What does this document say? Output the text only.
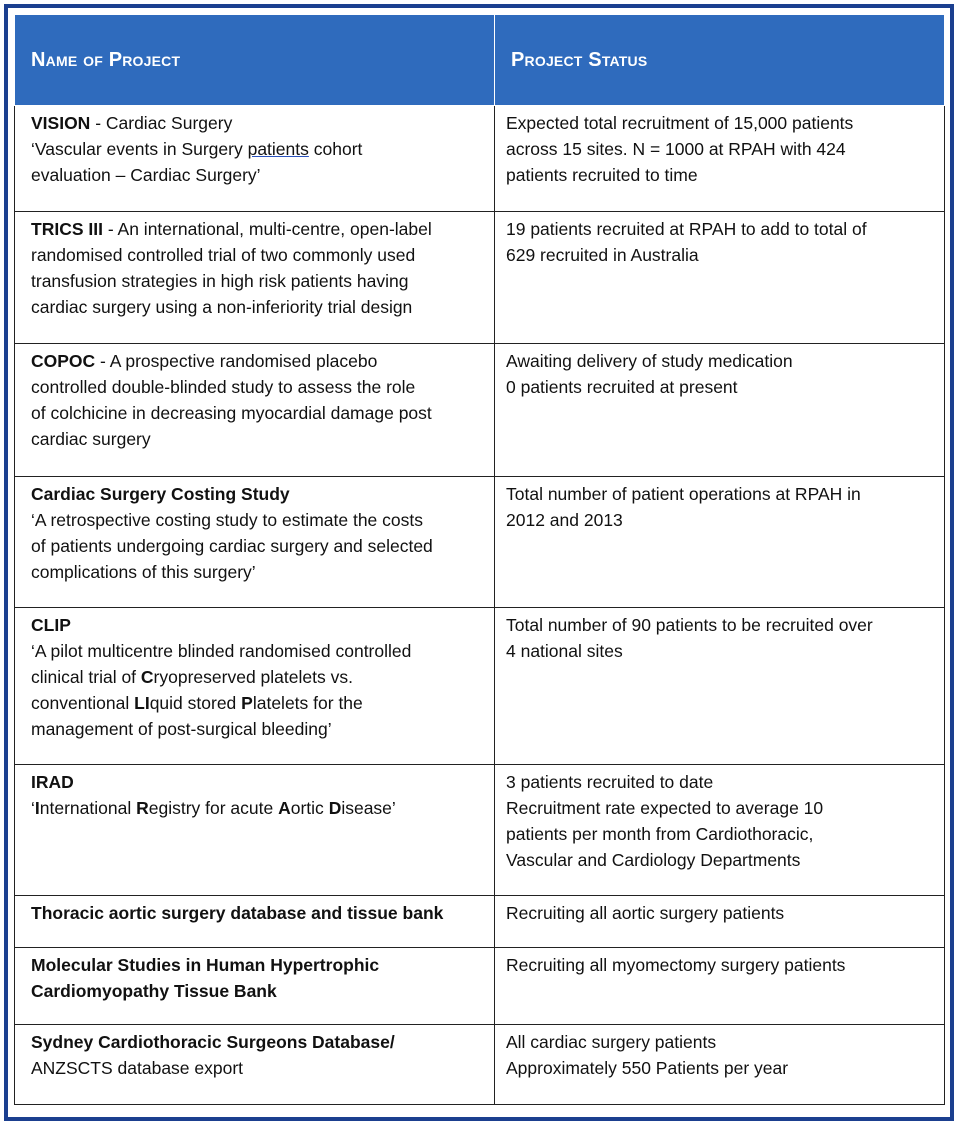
Name of Project	Project Status

VISION - Cardiac Surgery
‘Vascular events in Surgery patients cohort
evaluation – Cardiac Surgery’	Expected total recruitment of 15,000 patients
across 15 sites. N = 1000 at RPAH with 424
patients recruited to time

TRICS III - An international, multi-centre, open-label
randomised controlled trial of two commonly used
transfusion strategies in high risk patients having
cardiac surgery using a non-inferiority trial design	19 patients recruited at RPAH to add to total of
629 recruited in Australia

COPOC - A prospective randomised placebo
controlled double-blinded study to assess the role
of colchicine in decreasing myocardial damage post
cardiac surgery	Awaiting delivery of study medication
0 patients recruited at present

Cardiac Surgery Costing Study
‘A retrospective costing study to estimate the costs
of patients undergoing cardiac surgery and selected
complications of this surgery’	Total number of patient operations at RPAH in
2012 and 2013

CLIP
‘A pilot multicentre blinded randomised controlled
clinical trial of Cryopreserved platelets vs.
conventional LIquid stored Platelets for the
management of post-surgical bleeding’	Total number of 90 patients to be recruited over
4 national sites

IRAD
‘International Registry for acute Aortic Disease’	3 patients recruited to date
Recruitment rate expected to average 10
patients per month from Cardiothoracic,
Vascular and Cardiology Departments

Thoracic aortic surgery database and tissue bank	Recruiting all aortic surgery patients

Molecular Studies in Human Hypertrophic
Cardiomyopathy Tissue Bank	Recruiting all myomectomy surgery patients

Sydney Cardiothoracic Surgeons Database/
ANZSCTS database export	All cardiac surgery patients
Approximately 550 Patients per year
